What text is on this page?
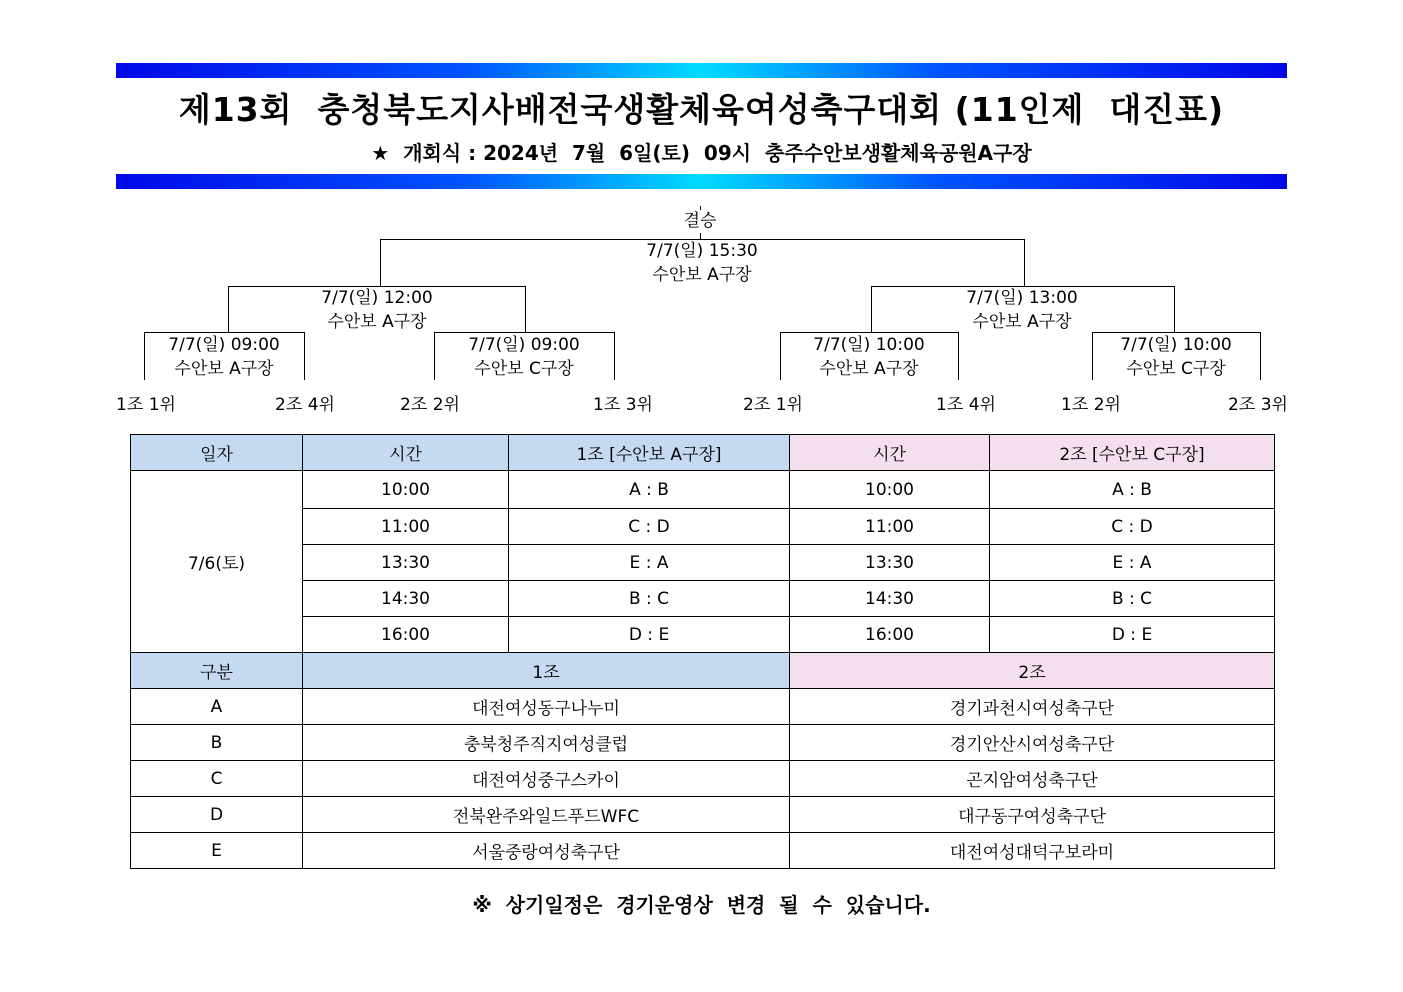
제13회  충청북도지사배전국생활체육여성축구대회 (11인제  대진표)
★  개회식 : 2024년  7월  6일(토)  09시  충주수안보생활체육공원A구장
결승
7/7(일) 15:30
수안보 A구장
7/7(일) 12:00
수안보 A구장
7/7(일) 13:00
수안보 A구장
7/7(일) 09:00
수안보 A구장
7/7(일) 09:00
수안보 C구장
7/7(일) 10:00
수안보 A구장
7/7(일) 10:00
수안보 C구장
1조 1위	2조 4위	2조 2위	1조 3위	2조 1위	1조 4위	1조 2위	2조 3위
일자	시간	1조 [수안보 A구장]	시간	2조 [수안보 C구장]
7/6(토)	10:00	A : B	10:00	A : B
	11:00	C : D	11:00	C : D
	13:30	E : A	13:30	E : A
	14:30	B : C	14:30	B : C
	16:00	D : E	16:00	D : E
구분	1조		2조	
A	대전여성동구나누미		경기과천시여성축구단	
B	충북청주직지여성클럽		경기안산시여성축구단	
C	대전여성중구스카이		곤지암여성축구단	
D	전북완주와일드푸드WFC		대구동구여성축구단	
E	서울중랑여성축구단		대전여성대덕구보라미	
※  상기일정은  경기운영상  변경  될  수  있습니다.
